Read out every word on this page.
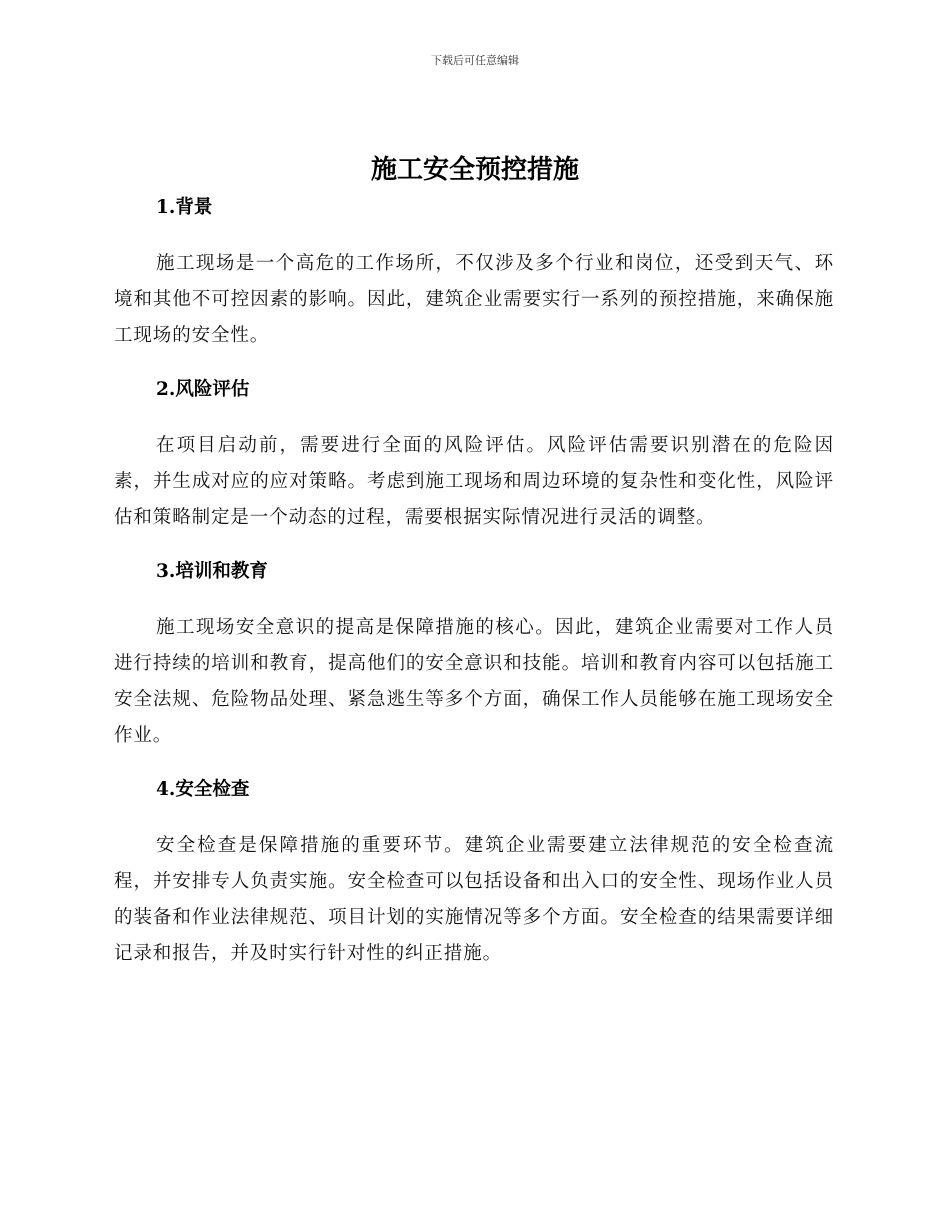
下载后可任意编辑
施工安全预控措施
1.背景

施工现场是一个高危的工作场所，不仅涉及多个行业和岗位，还受到天气、环境和其他不可控因素的影响。因此，建筑企业需要实行一系列的预控措施，来确保施工现场的安全性。

2.风险评估

在项目启动前，需要进行全面的风险评估。风险评估需要识别潜在的危险因素，并生成对应的应对策略。考虑到施工现场和周边环境的复杂性和变化性，风险评估和策略制定是一个动态的过程，需要根据实际情况进行灵活的调整。

3.培训和教育

施工现场安全意识的提高是保障措施的核心。因此，建筑企业需要对工作人员进行持续的培训和教育，提高他们的安全意识和技能。培训和教育内容可以包括施工安全法规、危险物品处理、紧急逃生等多个方面，确保工作人员能够在施工现场安全作业。

4.安全检查

安全检查是保障措施的重要环节。建筑企业需要建立法律规范的安全检查流程，并安排专人负责实施。安全检查可以包括设备和出入口的安全性、现场作业人员的装备和作业法律规范、项目计划的实施情况等多个方面。安全检查的结果需要详细记录和报告，并及时实行针对性的纠正措施。
